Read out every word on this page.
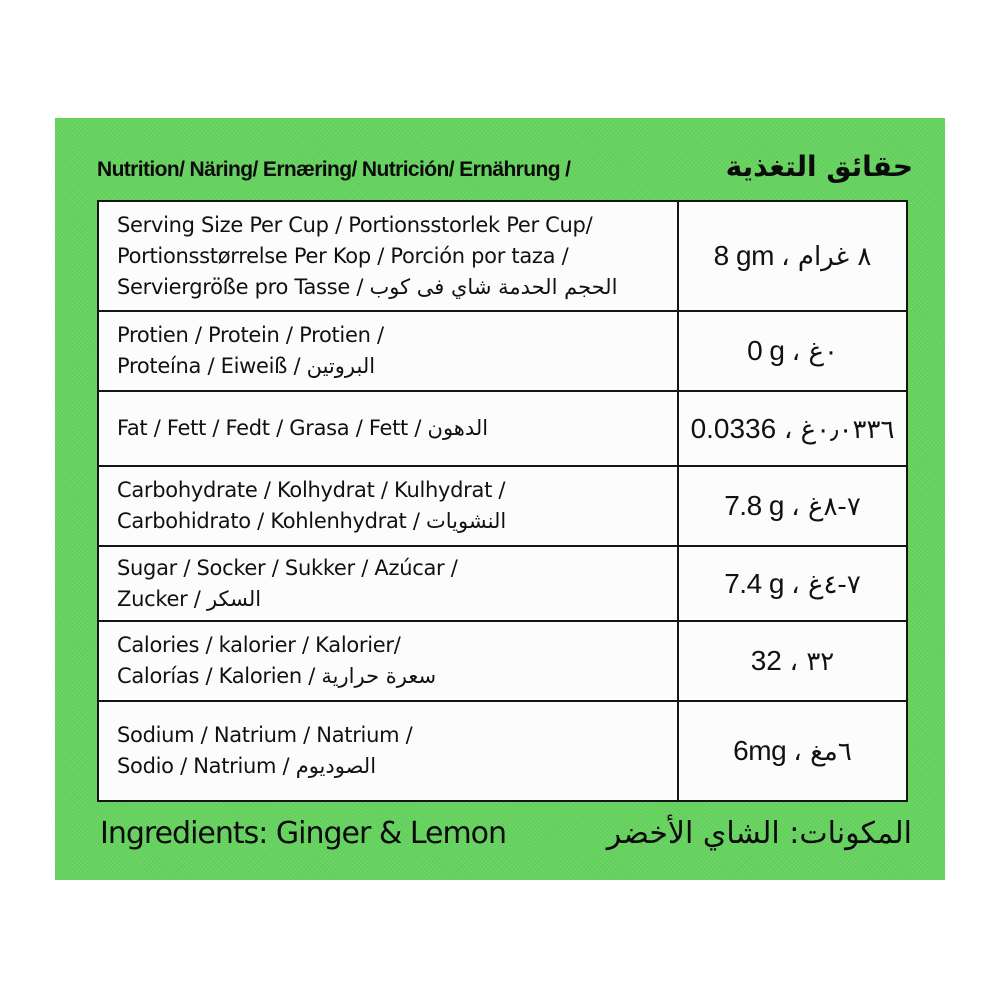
Nutrition/ Näring/ Ernæring/ Nutrición/ Ernährung /	حقائق التغذية
Serving Size Per Cup / Portionsstorlek Per Cup/
Portionsstørrelse Per Kop / Porción por taza /
Serviergröße pro Tasse / الحجم الحدمة شاي فى كوب	8 gm ، ٨ غرام

Protien / Protein / Protien /
Proteína / Eiweiß / البروتين	0 g ، ٠غ

Fat / Fett / Fedt / Grasa / Fett / الدهون	0.0336 ، ٠٫٠٣٣٦غ

Carbohydrate / Kolhydrat / Kulhydrat /
Carbohidrato / Kohlenhydrat / النشويات	7.8 g ، ٧-٨غ

Sugar / Socker / Sukker / Azúcar /
Zucker / السكر	7.4 g ، ٧-٤غ

Calories / kalorier / Kalorier/
Calorías / Kalorien / سعرة حرارية	32 ، ٣٢

Sodium / Natrium / Natrium /
Sodio / Natrium / الصوديوم	6mg ، ٦مغ
Ingredients: Ginger & Lemon	المكونات: الشاي الأخضر
